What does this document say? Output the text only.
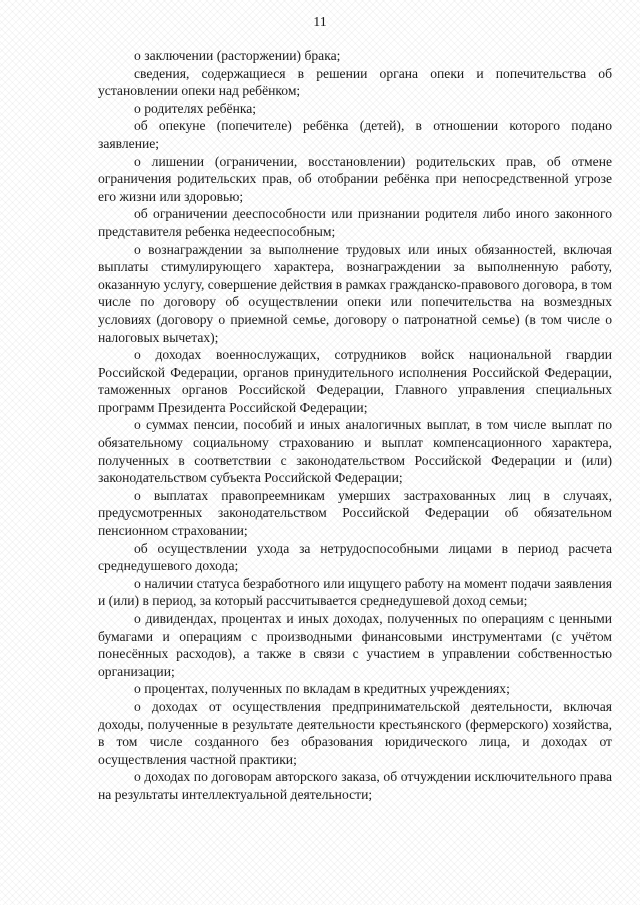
11

о заключении (расторжении) брака;

сведения, содержащиеся в решении органа опеки и попечительства об установлении опеки над ребёнком;

о родителях ребёнка;

об опекуне (попечителе) ребёнка (детей), в отношении которого подано заявление;

о лишении (ограничении, восстановлении) родительских прав, об отмене ограничения родительских прав, об отобрании ребёнка при непосредственной угрозе его жизни или здоровью;

об ограничении дееспособности или признании родителя либо иного законного представителя ребенка недееспособным;

о вознаграждении за выполнение трудовых или иных обязанностей, включая выплаты стимулирующего характера, вознаграждении за выполненную работу, оказанную услугу, совершение действия в рамках гражданско-правового договора, в том числе по договору об осуществлении опеки или попечительства на возмездных условиях (договору о приемной семье, договору о патронатной семье) (в том числе о налоговых вычетах);

о доходах военнослужащих, сотрудников войск национальной гвардии Российской Федерации, органов принудительного исполнения Российской Федерации, таможенных органов Российской Федерации, Главного управления специальных программ Президента Российской Федерации;

о суммах пенсии, пособий и иных аналогичных выплат, в том числе выплат по обязательному социальному страхованию и выплат компенсационного характера, полученных в соответствии с законодательством Российской Федерации и (или) законодательством субъекта Российской Федерации;

о выплатах правопреемникам умерших застрахованных лиц в случаях, предусмотренных законодательством Российской Федерации об обязательном пенсионном страховании;

об осуществлении ухода за нетрудоспособными лицами в период расчета среднедушевого дохода;

о наличии статуса безработного или ищущего работу на момент подачи заявления и (или) в период, за который рассчитывается среднедушевой доход семьи;

о дивидендах, процентах и иных доходах, полученных по операциям с ценными бумагами и операциям с производными финансовыми инструментами (с учётом понесённых расходов), а также в связи с участием в управлении собственностью организации;

о процентах, полученных по вкладам в кредитных учреждениях;

о доходах от осуществления предпринимательской деятельности, включая доходы, полученные в результате деятельности крестьянского (фермерского) хозяйства, в том числе созданного без образования юридического лица, и доходах от осуществления частной практики;

о доходах по договорам авторского заказа, об отчуждении исключительного права на результаты интеллектуальной деятельности;
